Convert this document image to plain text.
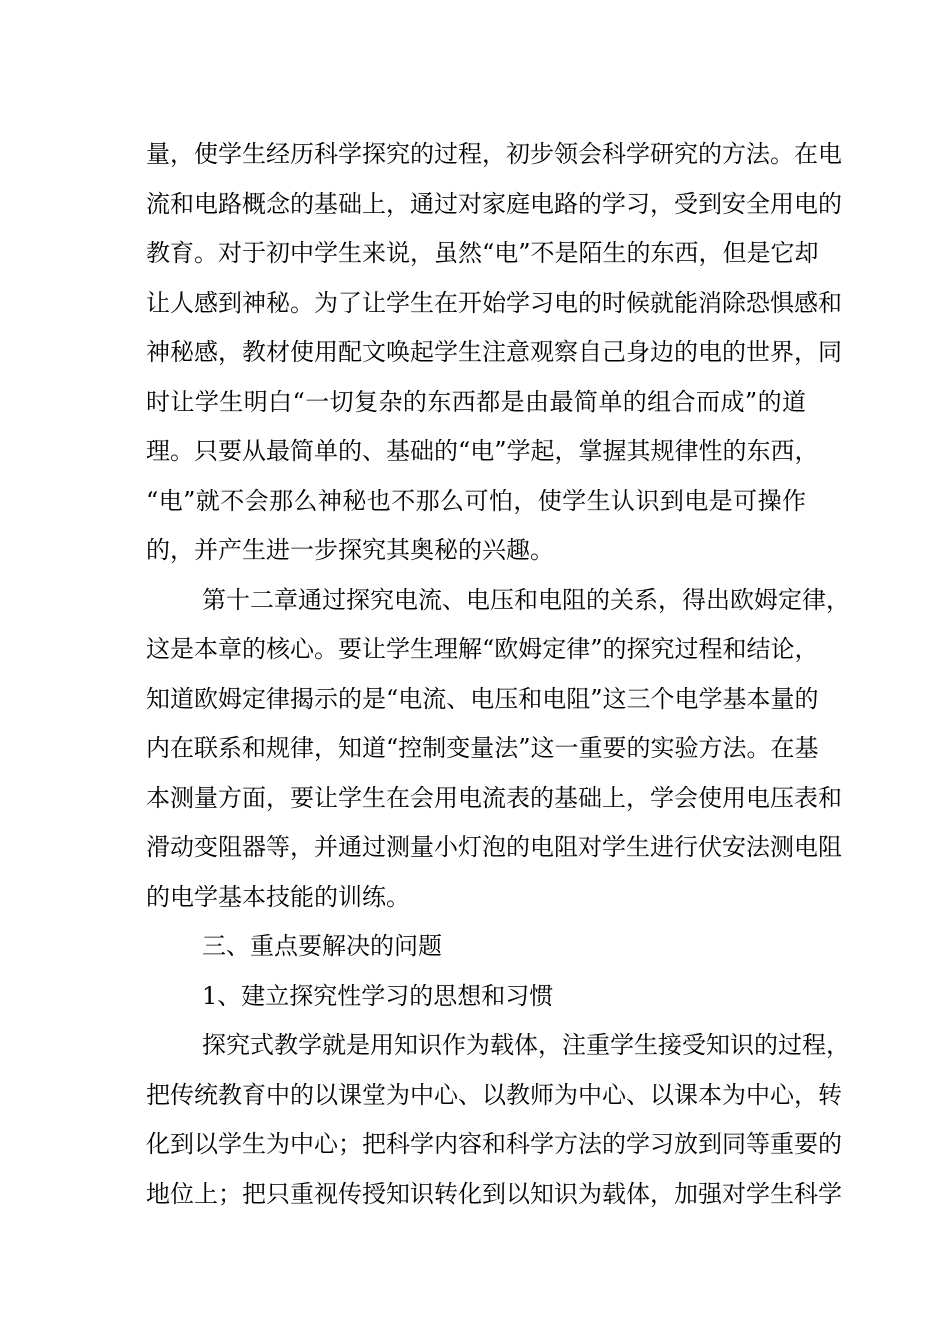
量，使学生经历科学探究的过程，初步领会科学研究的方法。在电
流和电路概念的基础上，通过对家庭电路的学习，受到安全用电的
教育。对于初中学生来说，虽然“电”不是陌生的东西，但是它却
让人感到神秘。为了让学生在开始学习电的时候就能消除恐惧感和
神秘感，教材使用配文唤起学生注意观察自己身边的电的世界，同
时让学生明白“一切复杂的东西都是由最简单的组合而成”的道
理。只要从最简单的、基础的“电”学起，掌握其规律性的东西，
“电”就不会那么神秘也不那么可怕，使学生认识到电是可操作
的，并产生进一步探究其奥秘的兴趣。
第十二章通过探究电流、电压和电阻的关系，得出欧姆定律，
这是本章的核心。要让学生理解“欧姆定律”的探究过程和结论，
知道欧姆定律揭示的是“电流、电压和电阻”这三个电学基本量的
内在联系和规律，知道“控制变量法”这一重要的实验方法。在基
本测量方面，要让学生在会用电流表的基础上，学会使用电压表和
滑动变阻器等，并通过测量小灯泡的电阻对学生进行伏安法测电阻
的电学基本技能的训练。
三、重点要解决的问题
1、建立探究性学习的思想和习惯
探究式教学就是用知识作为载体，注重学生接受知识的过程，
把传统教育中的以课堂为中心、以教师为中心、以课本为中心，转
化到以学生为中心；把科学内容和科学方法的学习放到同等重要的
地位上；把只重视传授知识转化到以知识为载体，加强对学生科学
